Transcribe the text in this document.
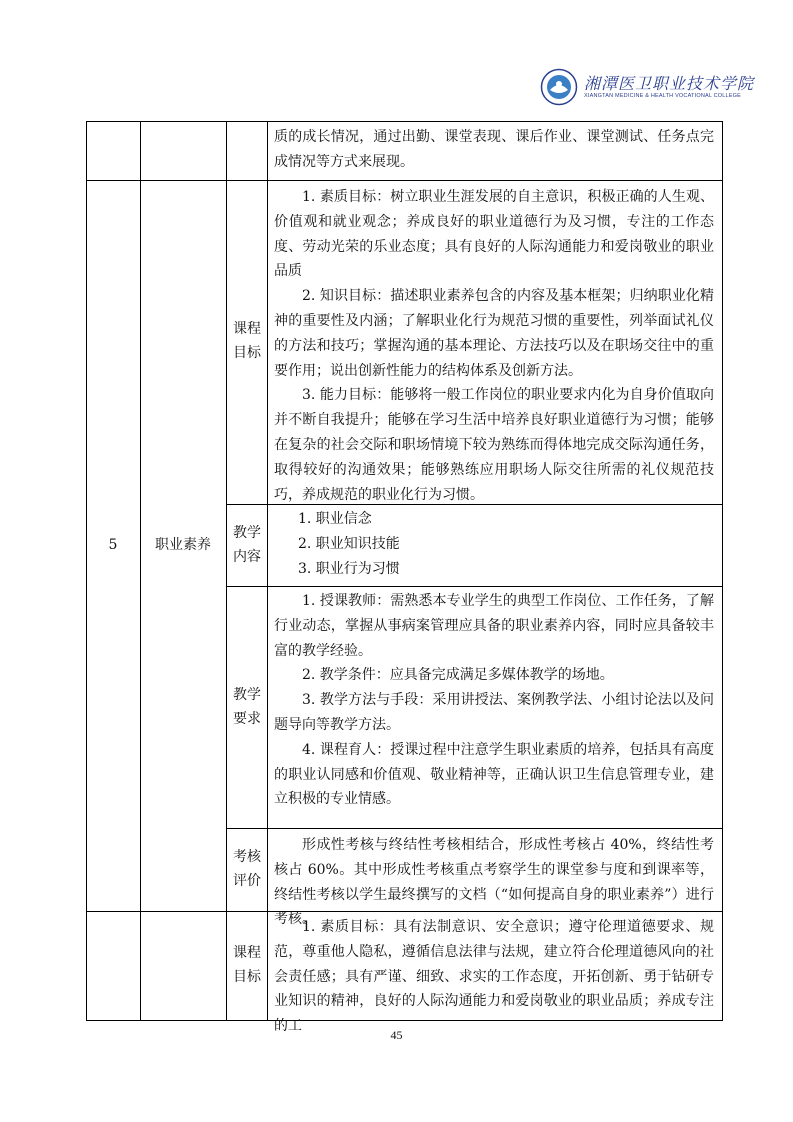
湘潭医卫职业技术学院
XIANGTAN MEDICINE & HEALTH VOCATIONAL COLLEGE

质的成长情况，通过出勤、课堂表现、课后作业、课堂测试、任务点完成情况等方式来展现。

5	职业素养
课程目标

1. 素质目标：树立职业生涯发展的自主意识，积极正确的人生观、价值观和就业观念；养成良好的职业道德行为及习惯，专注的工作态度、劳动光荣的乐业态度；具有良好的人际沟通能力和爱岗敬业的职业品质

2. 知识目标：描述职业素养包含的内容及基本框架；归纳职业化精神的重要性及内涵；了解职业化行为规范习惯的重要性，列举面试礼仪的方法和技巧；掌握沟通的基本理论、方法技巧以及在职场交往中的重要作用；说出创新性能力的结构体系及创新方法。

3. 能力目标：能够将一般工作岗位的职业要求内化为自身价值取向并不断自我提升；能够在学习生活中培养良好职业道德行为习惯；能够在复杂的社会交际和职场情境下较为熟练而得体地完成交际沟通任务，取得较好的沟通效果；能够熟练应用职场人际交往所需的礼仪规范技巧，养成规范的职业化行为习惯。

教学内容

1. 职业信念

2. 职业知识技能

3. 职业行为习惯

教学要求

1. 授课教师：需熟悉本专业学生的典型工作岗位、工作任务，了解行业动态，掌握从事病案管理应具备的职业素养内容，同时应具备较丰富的教学经验。

2. 教学条件：应具备完成满足多媒体教学的场地。

3. 教学方法与手段：采用讲授法、案例教学法、小组讨论法以及问题导向等教学方法。

4. 课程育人：授课过程中注意学生职业素质的培养，包括具有高度的职业认同感和价值观、敬业精神等，正确认识卫生信息管理专业，建立积极的专业情感。

考核评价

形成性考核与终结性考核相结合，形成性考核占 40%，终结性考核占 60%。其中形成性考核重点考察学生的课堂参与度和到课率等，终结性考核以学生最终撰写的文档（“如何提高自身的职业素养”）进行考核。

课程目标

1. 素质目标：具有法制意识、安全意识；遵守伦理道德要求、规范，尊重他人隐私，遵循信息法律与法规，建立符合伦理道德风向的社会责任感；具有严谨、细致、求实的工作态度，开拓创新、勇于钻研专业知识的精神，良好的人际沟通能力和爱岗敬业的职业品质；养成专注的工

45
